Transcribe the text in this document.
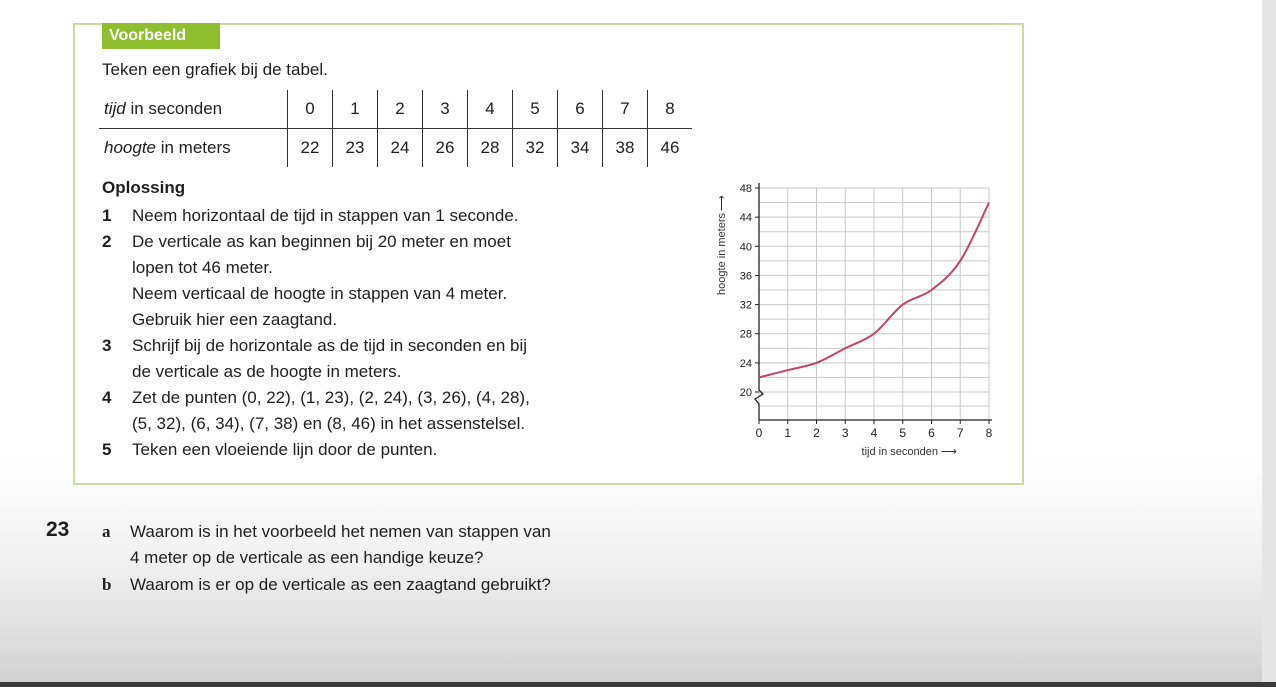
Voorbeeld
Teken een grafiek bij de tabel.
tijd in seconden	0	1	2	3	4	5	6	7	8
hoogte in meters	22	23	24	26	28	32	34	38	46
Oplossing
1 Neem horizontaal de tijd in stappen van 1 seconde.
2 De verticale as kan beginnen bij 20 meter en moet
lopen tot 46 meter.
Neem verticaal de hoogte in stappen van 4 meter.
Gebruik hier een zaagtand.
3 Schrijf bij de horizontale as de tijd in seconden en bij
de verticale as de hoogte in meters.
4 Zet de punten (0, 22), (1, 23), (2, 24), (3, 26), (4, 28),
(5, 32), (6, 34), (7, 38) en (8, 46) in het assenstelsel.
5 Teken een vloeiende lijn door de punten.
0 1 2 3 4 5 6 7 8
20
24
28
32
36
40
44
48
tijd in seconden ⟶
hoogte in meters
⟶
23 a Waarom is in het voorbeeld het nemen van stappen van
4 meter op de verticale as een handige keuze?
b Waarom is er op de verticale as een zaagtand gebruikt?
